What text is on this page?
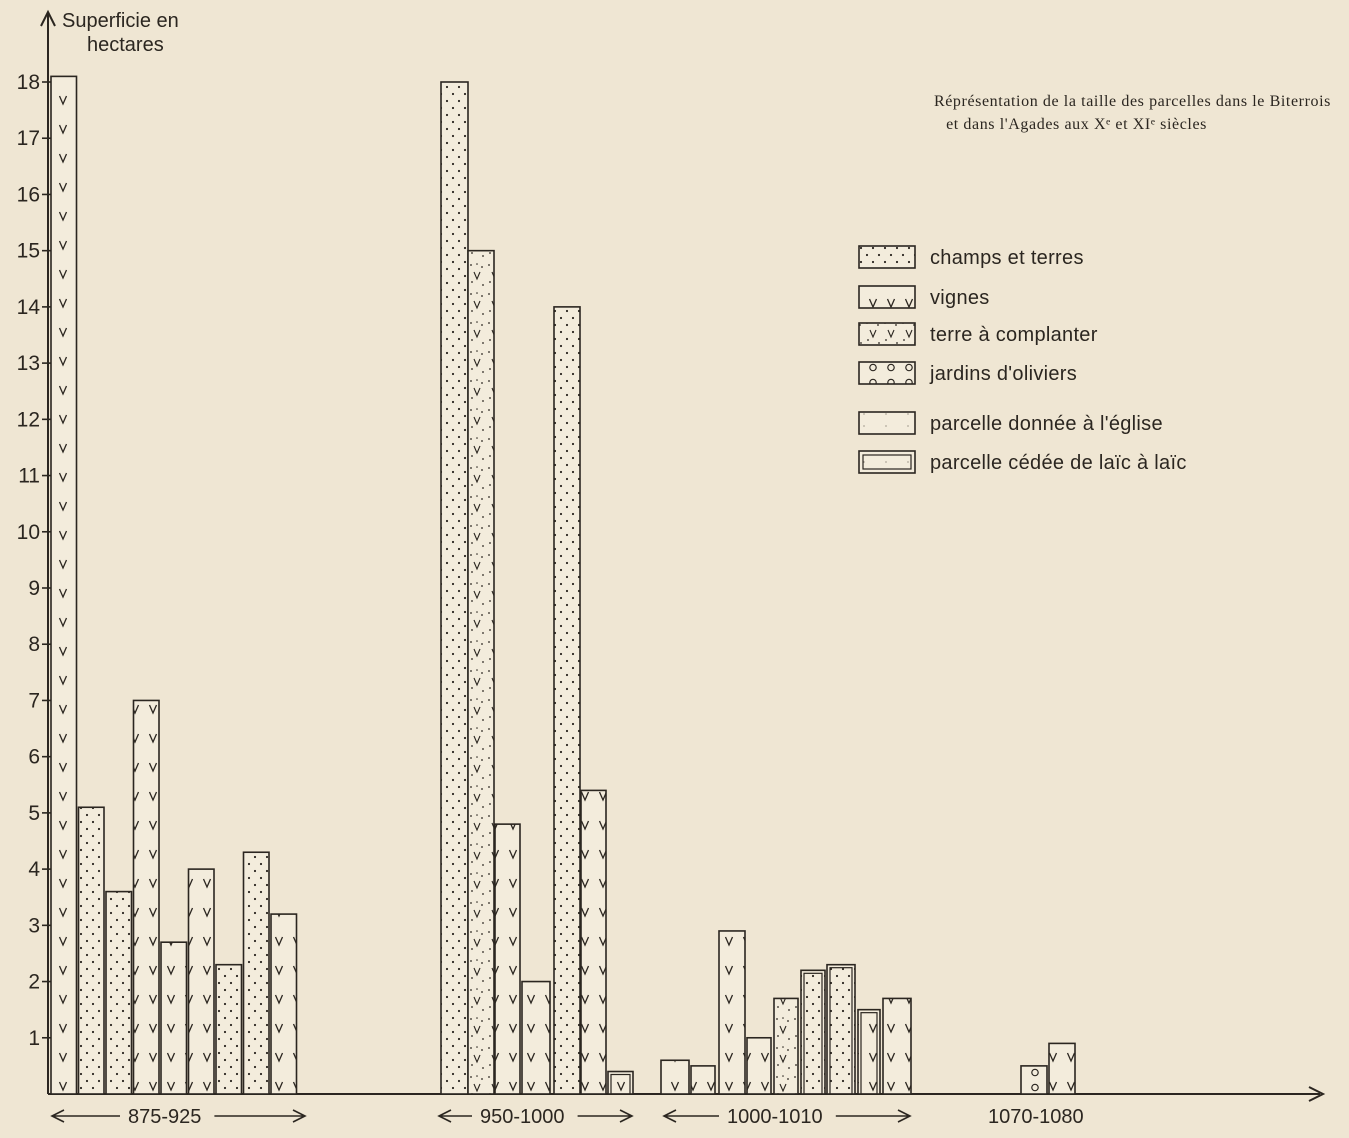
Réprésentation de la taille des parcelles dans le Biterrois
et dans l'Agades aux Xᵉ et XIᵉ siècles
Superficie en
hectares
1
2
3
4
5
6
7
8
9
10
11
12
13
14
15
16
17
18
875-925	950-1000	1000-1010	1070-1080
champs et terres
vignes
terre à complanter
jardins d'oliviers
parcelle donnée à l'église
parcelle cédée de laïc à laïc
